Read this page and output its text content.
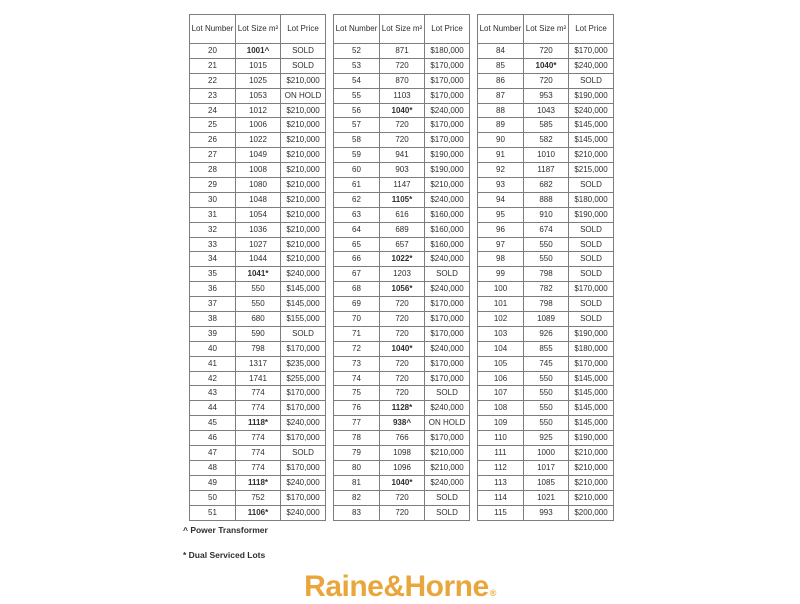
Lot Number	Lot Size m²	Lot Price
20	1001^	SOLD
21	1015	SOLD
22	1025	$210,000
23	1053	ON HOLD
24	1012	$210,000
25	1006	$210,000
26	1022	$210,000
27	1049	$210,000
28	1008	$210,000
29	1080	$210,000
30	1048	$210,000
31	1054	$210,000
32	1036	$210,000
33	1027	$210,000
34	1044	$210,000
35	1041*	$240,000
36	550	$145,000
37	550	$145,000
38	680	$155,000
39	590	SOLD
40	798	$170,000
41	1317	$235,000
42	1741	$255,000
43	774	$170,000
44	774	$170,000
45	1118*	$240,000
46	774	$170,000
47	774	SOLD
48	774	$170,000
49	1118*	$240,000
50	752	$170,000
51	1106*	$240,000
Lot Number	Lot Size m²	Lot Price
52	871	$180,000
53	720	$170,000
54	870	$170,000
55	1103	$170,000
56	1040*	$240,000
57	720	$170,000
58	720	$170,000
59	941	$190,000
60	903	$190,000
61	1147	$210,000
62	1105*	$240,000
63	616	$160,000
64	689	$160,000
65	657	$160,000
66	1022*	$240,000
67	1203	SOLD
68	1056*	$240,000
69	720	$170,000
70	720	$170,000
71	720	$170,000
72	1040*	$240,000
73	720	$170,000
74	720	$170,000
75	720	SOLD
76	1128*	$240,000
77	938^	ON HOLD
78	766	$170,000
79	1098	$210,000
80	1096	$210,000
81	1040*	$240,000
82	720	SOLD
83	720	SOLD
Lot Number	Lot Size m²	Lot Price
84	720	$170,000
85	1040*	$240,000
86	720	SOLD
87	953	$190,000
88	1043	$240,000
89	585	$145,000
90	582	$145,000
91	1010	$210,000
92	1187	$215,000
93	682	SOLD
94	888	$180,000
95	910	$190,000
96	674	SOLD
97	550	SOLD
98	550	SOLD
99	798	SOLD
100	782	$170,000
101	798	SOLD
102	1089	SOLD
103	926	$190,000
104	855	$180,000
105	745	$170,000
106	550	$145,000
107	550	$145,000
108	550	$145,000
109	550	$145,000
110	925	$190,000
111	1000	$210,000
112	1017	$210,000
113	1085	$210,000
114	1021	$210,000
115	993	$200,000
^ Power Transformer
* Dual Serviced Lots
Raine&Horne®
